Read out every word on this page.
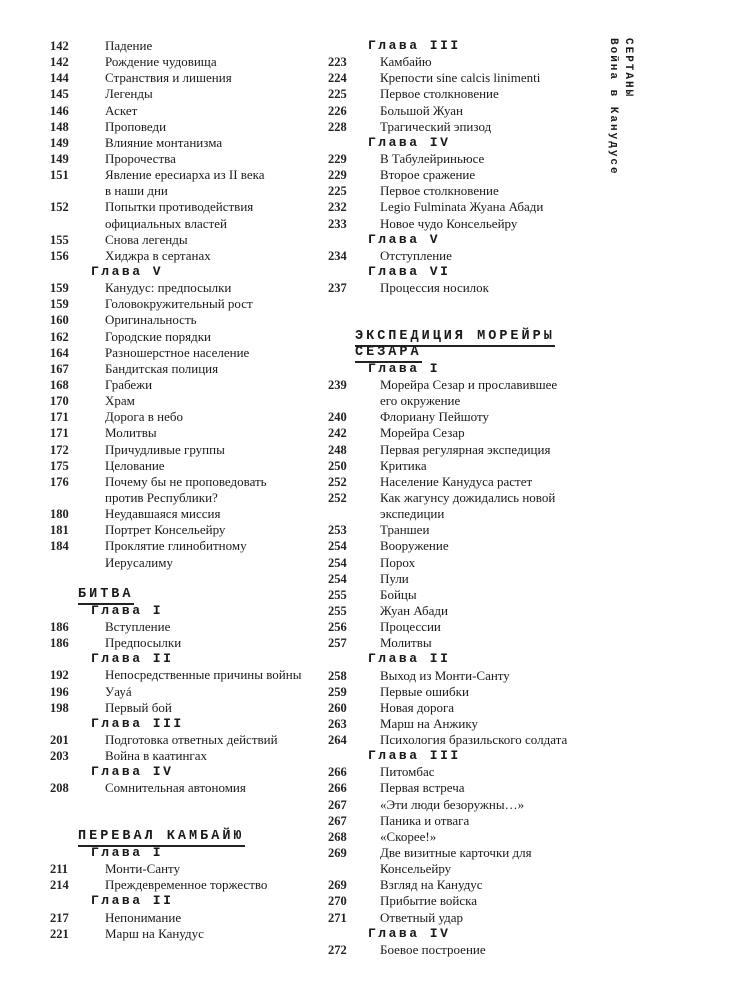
142	Падение
142	Рождение чудовища
144	Странствия и лишения
145	Легенды
146	Аскет
148	Проповеди
149	Влияние монтанизма
149	Пророчества
151	Явление ересиарха из II века
в наши дни
152	Попытки противодействия
официальных властей
155	Снова легенды
156	Хиджра в сертанах
Глава V
159	Канудус: предпосылки
159	Головокружительный рост
160	Оригинальность
162	Городские порядки
164	Разношерстное население
167	Бандитская полиция
168	Грабежи
170	Храм
171	Дорога в небо
171	Молитвы
172	Причудливые группы
175	Целование
176	Почему бы не проповедовать
против Республики?
180	Неудавшаяся миссия
181	Портрет Консельейру
184	Проклятие глинобитному
Иерусалиму
БИТВА
Глава I
186	Вступление
186	Предпосылки
Глава II
192	Непосредственные причины войны
196	Уауá
198	Первый бой
Глава III
201	Подготовка ответных действий
203	Война в каатингах
Глава IV
208	Сомнительная автономия
ПЕРЕВАЛ КАМБАЙЮ
Глава I
211	Монти-Санту
214	Преждевременное торжество
Глава II
217	Непонимание
221	Марш на Канудус
Глава III
223	Камбайю
224	Крепости sine calcis linimenti
225	Первое столкновение
226	Большой Жуан
228	Трагический эпизод
Глава IV
229	В Табулейриньюсе
229	Второе сражение
225	Первое столкновение
232	Legio Fulminata Жуана Абади
233	Новое чудо Консельейру
Глава V
234	Отступление
Глава VI
237	Процессия носилок
ЭКСПЕДИЦИЯ МОРЕЙРЫ
СЕЗАРА
Глава I
239	Морейра Сезар и прославившее
его окружение
240	Флориану Пейшоту
242	Морейра Сезар
248	Первая регулярная экспедиция
250	Критика
252	Население Канудуса растет
252	Как жагунсу дожидались новой
экспедиции
253	Траншеи
254	Вооружение
254	Порох
254	Пули
255	Бойцы
255	Жуан Абади
256	Процессии
257	Молитвы
Глава II
258	Выход из Монти-Санту
259	Первые ошибки
260	Новая дорога
263	Марш на Анжику
264	Психология бразильского солдата
Глава III
266	Питомбас
266	Первая встреча
267	«Эти люди безоружны…»
267	Паника и отвага
268	«Скорее!»
269	Две визитные карточки для
Консельейру
269	Взгляд на Канудус
270	Прибытие войска
271	Ответный удар
Глава IV
272	Боевое построение
СЕРТАНЫ
Война в Канудусе
